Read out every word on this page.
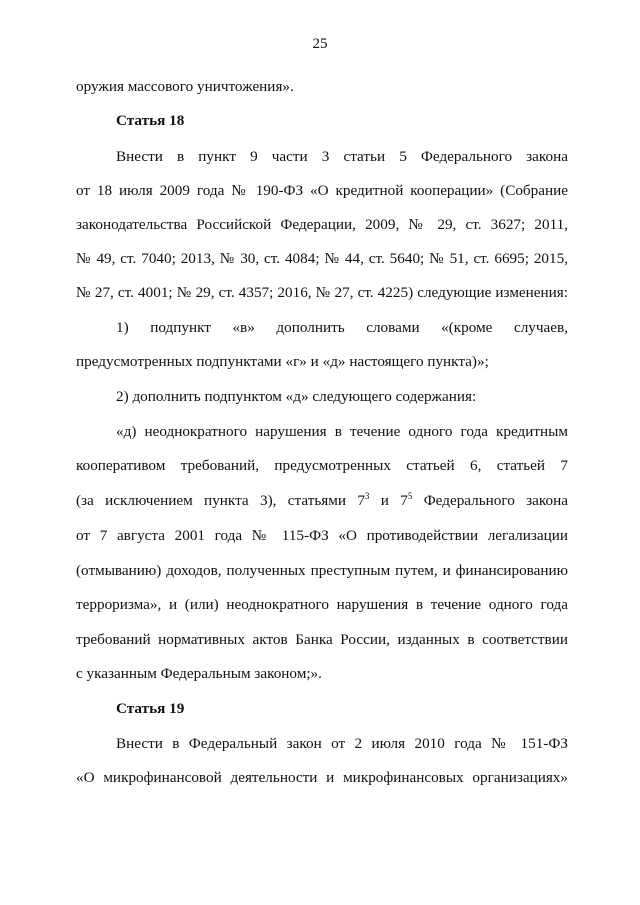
25
оружия массового уничтожения».
Статья 18
Внести в пункт 9 части 3 статьи 5 Федерального закона
от 18 июля 2009 года № 190-ФЗ «О кредитной кооперации» (Собрание
законодательства Российской Федерации, 2009, № 29, ст. 3627; 2011,
№ 49, ст. 7040; 2013, № 30, ст. 4084; № 44, ст. 5640; № 51, ст. 6695; 2015,
№ 27, ст. 4001; № 29, ст. 4357; 2016, № 27, ст. 4225) следующие изменения:
1) подпункт «в» дополнить словами «(кроме случаев,
предусмотренных подпунктами «г» и «д» настоящего пункта)»;
2) дополнить подпунктом «д» следующего содержания:
«д) неоднократного нарушения в течение одного года кредитным
кооперативом требований, предусмотренных статьей 6, статьей 7
(за исключением пункта 3), статьями $7^3$ и $7^5$ Федерального закона
от 7 августа 2001 года № 115-ФЗ «О противодействии легализации
(отмыванию) доходов, полученных преступным путем, и финансированию
терроризма», и (или) неоднократного нарушения в течение одного года
требований нормативных актов Банка России, изданных в соответствии
с указанным Федеральным законом;».
Статья 19
Внести в Федеральный закон от 2 июля 2010 года № 151-ФЗ
«О микрофинансовой деятельности и микрофинансовых организациях»
